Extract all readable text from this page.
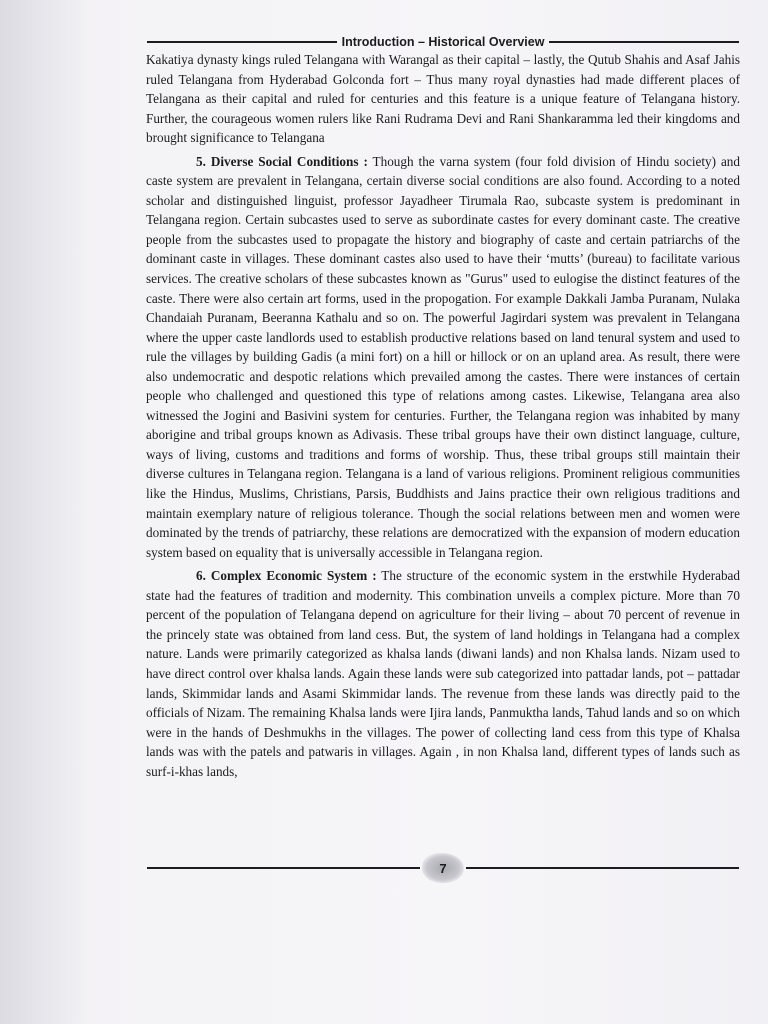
Introduction – Historical Overview

Kakatiya dynasty kings ruled Telangana with Warangal as their capital – lastly, the Qutub Shahis and Asaf Jahis ruled Telangana from Hyderabad Golconda fort – Thus many royal dynasties had made different places of Telangana as their capital and ruled for centuries and this feature is a unique feature of Telangana history. Further, the courageous women rulers like Rani Rudrama Devi and Rani Shankaramma led their kingdoms and brought significance to Telangana

5. Diverse Social Conditions : Though the varna system (four fold division of Hindu society) and caste system are prevalent in Telangana, certain diverse social conditions are also found. According to a noted scholar and distinguished linguist, professor Jayadheer Tirumala Rao, subcaste system is predominant in Telangana region. Certain subcastes used to serve as subordinate castes for every dominant caste. The creative people from the subcastes used to propagate the history and biography of caste and certain patriarchs of the dominant caste in villages. These dominant castes also used to have their ‘mutts’ (bureau) to facilitate various services. The creative scholars of these subcastes known as "Gurus" used to eulogise the distinct features of the caste. There were also certain art forms, used in the propogation. For example Dakkali Jamba Puranam, Nulaka Chandaiah Puranam, Beeranna Kathalu and so on. The powerful Jagirdari system was prevalent in Telangana where the upper caste landlords used to establish productive relations based on land tenural system and used to rule the villages by building Gadis (a mini fort) on a hill or hillock or on an upland area. As result, there were also undemocratic and despotic relations which prevailed among the castes. There were instances of certain people who challenged and questioned this type of relations among castes. Likewise, Telangana area also witnessed the Jogini and Basivini system for centuries. Further, the Telangana region was inhabited by many aborigine and tribal groups known as Adivasis. These tribal groups have their own distinct language, culture, ways of living, customs and traditions and forms of worship. Thus, these tribal groups still maintain their diverse cultures in Telangana region. Telangana is a land of various religions. Prominent religious communities like the Hindus, Muslims, Christians, Parsis, Buddhists and Jains practice their own religious traditions and maintain exemplary nature of religious tolerance. Though the social relations between men and women were dominated by the trends of patriarchy, these relations are democratized with the expansion of modern education system based on equality that is universally accessible in Telangana region.

6. Complex Economic System : The structure of the economic system in the erstwhile Hyderabad state had the features of tradition and modernity. This combination unveils a complex picture. More than 70 percent of the population of Telangana depend on agriculture for their living – about 70 percent of revenue in the princely state was obtained from land cess. But, the system of land holdings in Telangana had a complex nature. Lands were primarily categorized as khalsa lands (diwani lands) and non Khalsa lands. Nizam used to have direct control over khalsa lands. Again these lands were sub categorized into pattadar lands, pot – pattadar lands, Skimmidar lands and Asami Skimmidar lands. The revenue from these lands was directly paid to the officials of Nizam. The remaining Khalsa lands were Ijira lands, Panmuktha lands, Tahud lands and so on which were in the hands of Deshmukhs in the villages. The power of collecting land cess from this type of Khalsa lands was with the patels and patwaris in villages. Again , in non Khalsa land, different types of lands such as surf-i-khas lands,

7
